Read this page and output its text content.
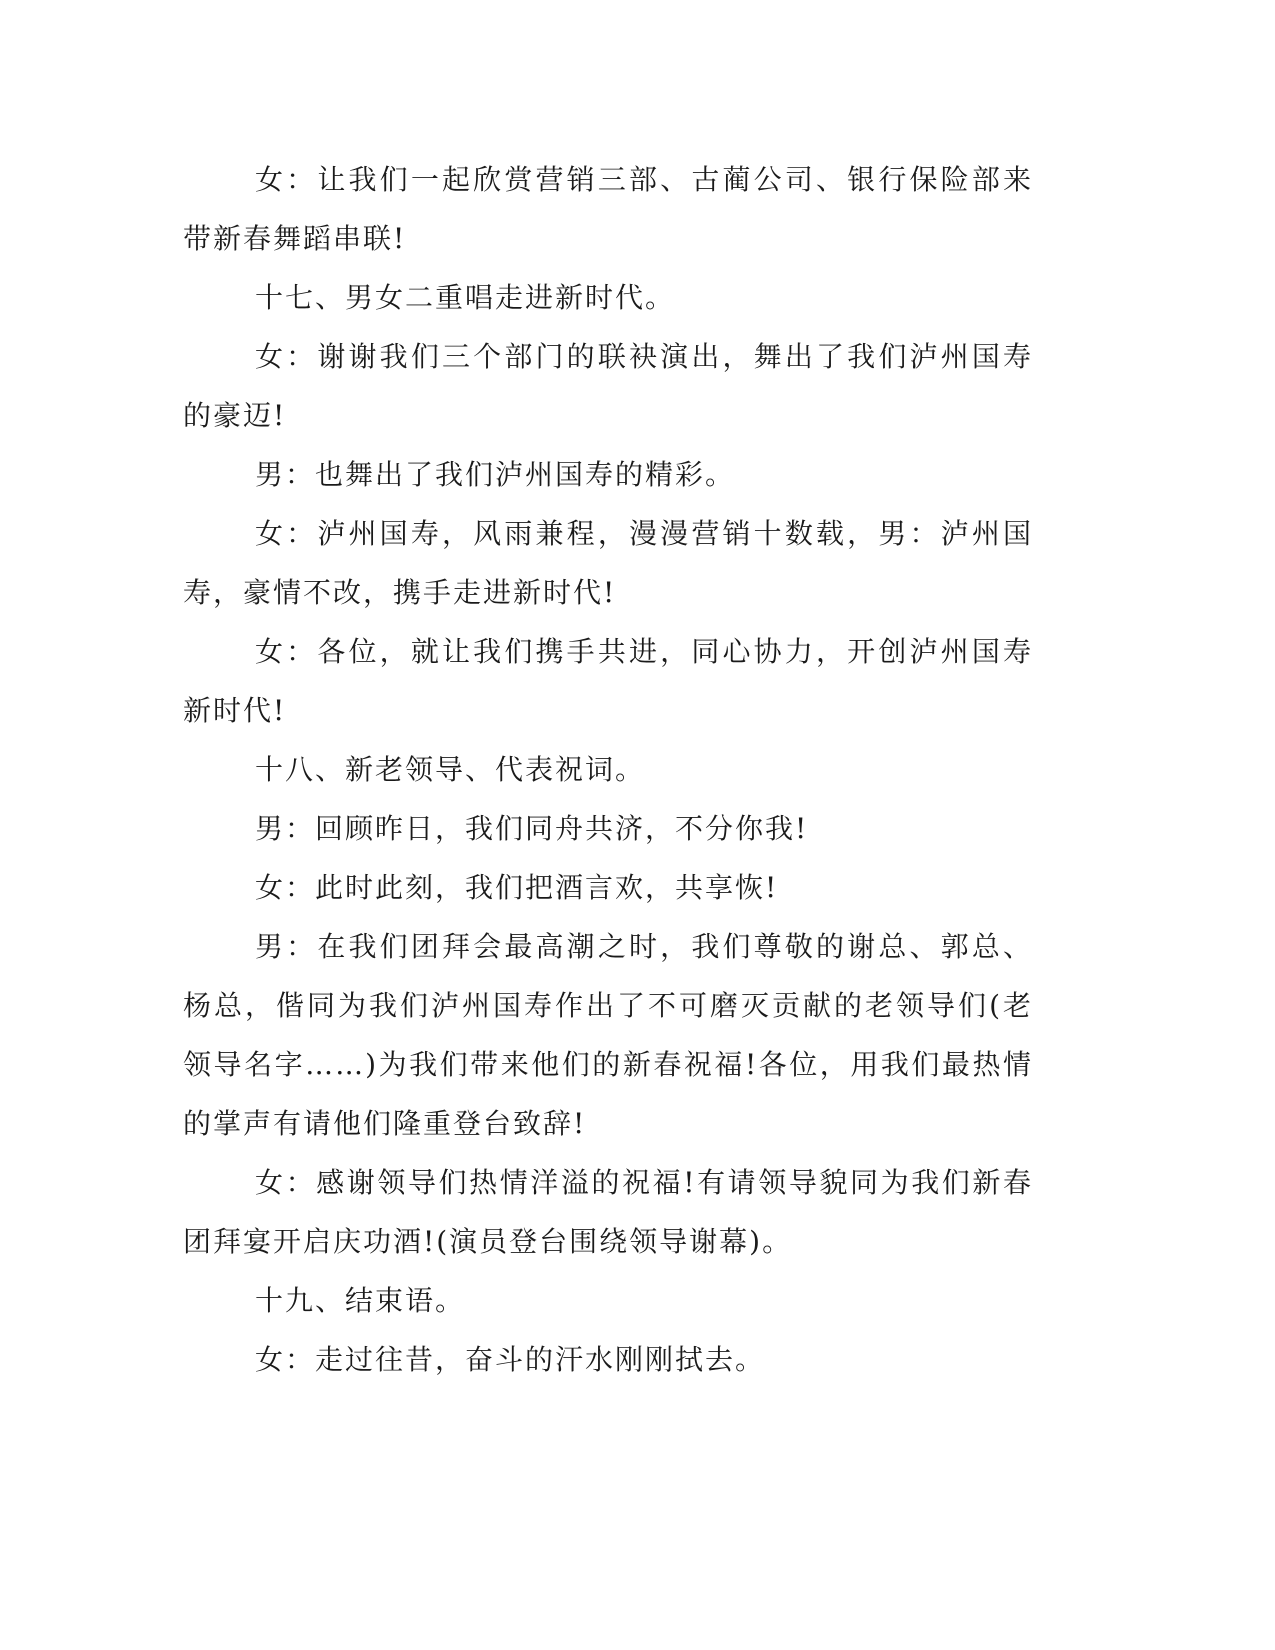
女：让我们一起欣赏营销三部、古蔺公司、银行保险部来带新春舞蹈串联!

十七、男女二重唱走进新时代。

女：谢谢我们三个部门的联袂演出，舞出了我们泸州国寿的豪迈!

男：也舞出了我们泸州国寿的精彩。

女：泸州国寿，风雨兼程，漫漫营销十数载，男：泸州国寿，豪情不改，携手走进新时代!

女：各位，就让我们携手共进，同心协力，开创泸州国寿新时代!

十八、新老领导、代表祝词。

男：回顾昨日，我们同舟共济，不分你我!

女：此时此刻，我们把酒言欢，共享恢!

男：在我们团拜会最高潮之时，我们尊敬的谢总、郭总、杨总，偕同为我们泸州国寿作出了不可磨灭贡献的老领导们(老领导名字……)为我们带来他们的新春祝福!各位，用我们最热情的掌声有请他们隆重登台致辞!

女：感谢领导们热情洋溢的祝福!有请领导貌同为我们新春团拜宴开启庆功酒!(演员登台围绕领导谢幕)。

十九、结束语。

女：走过往昔，奋斗的汗水刚刚拭去。
